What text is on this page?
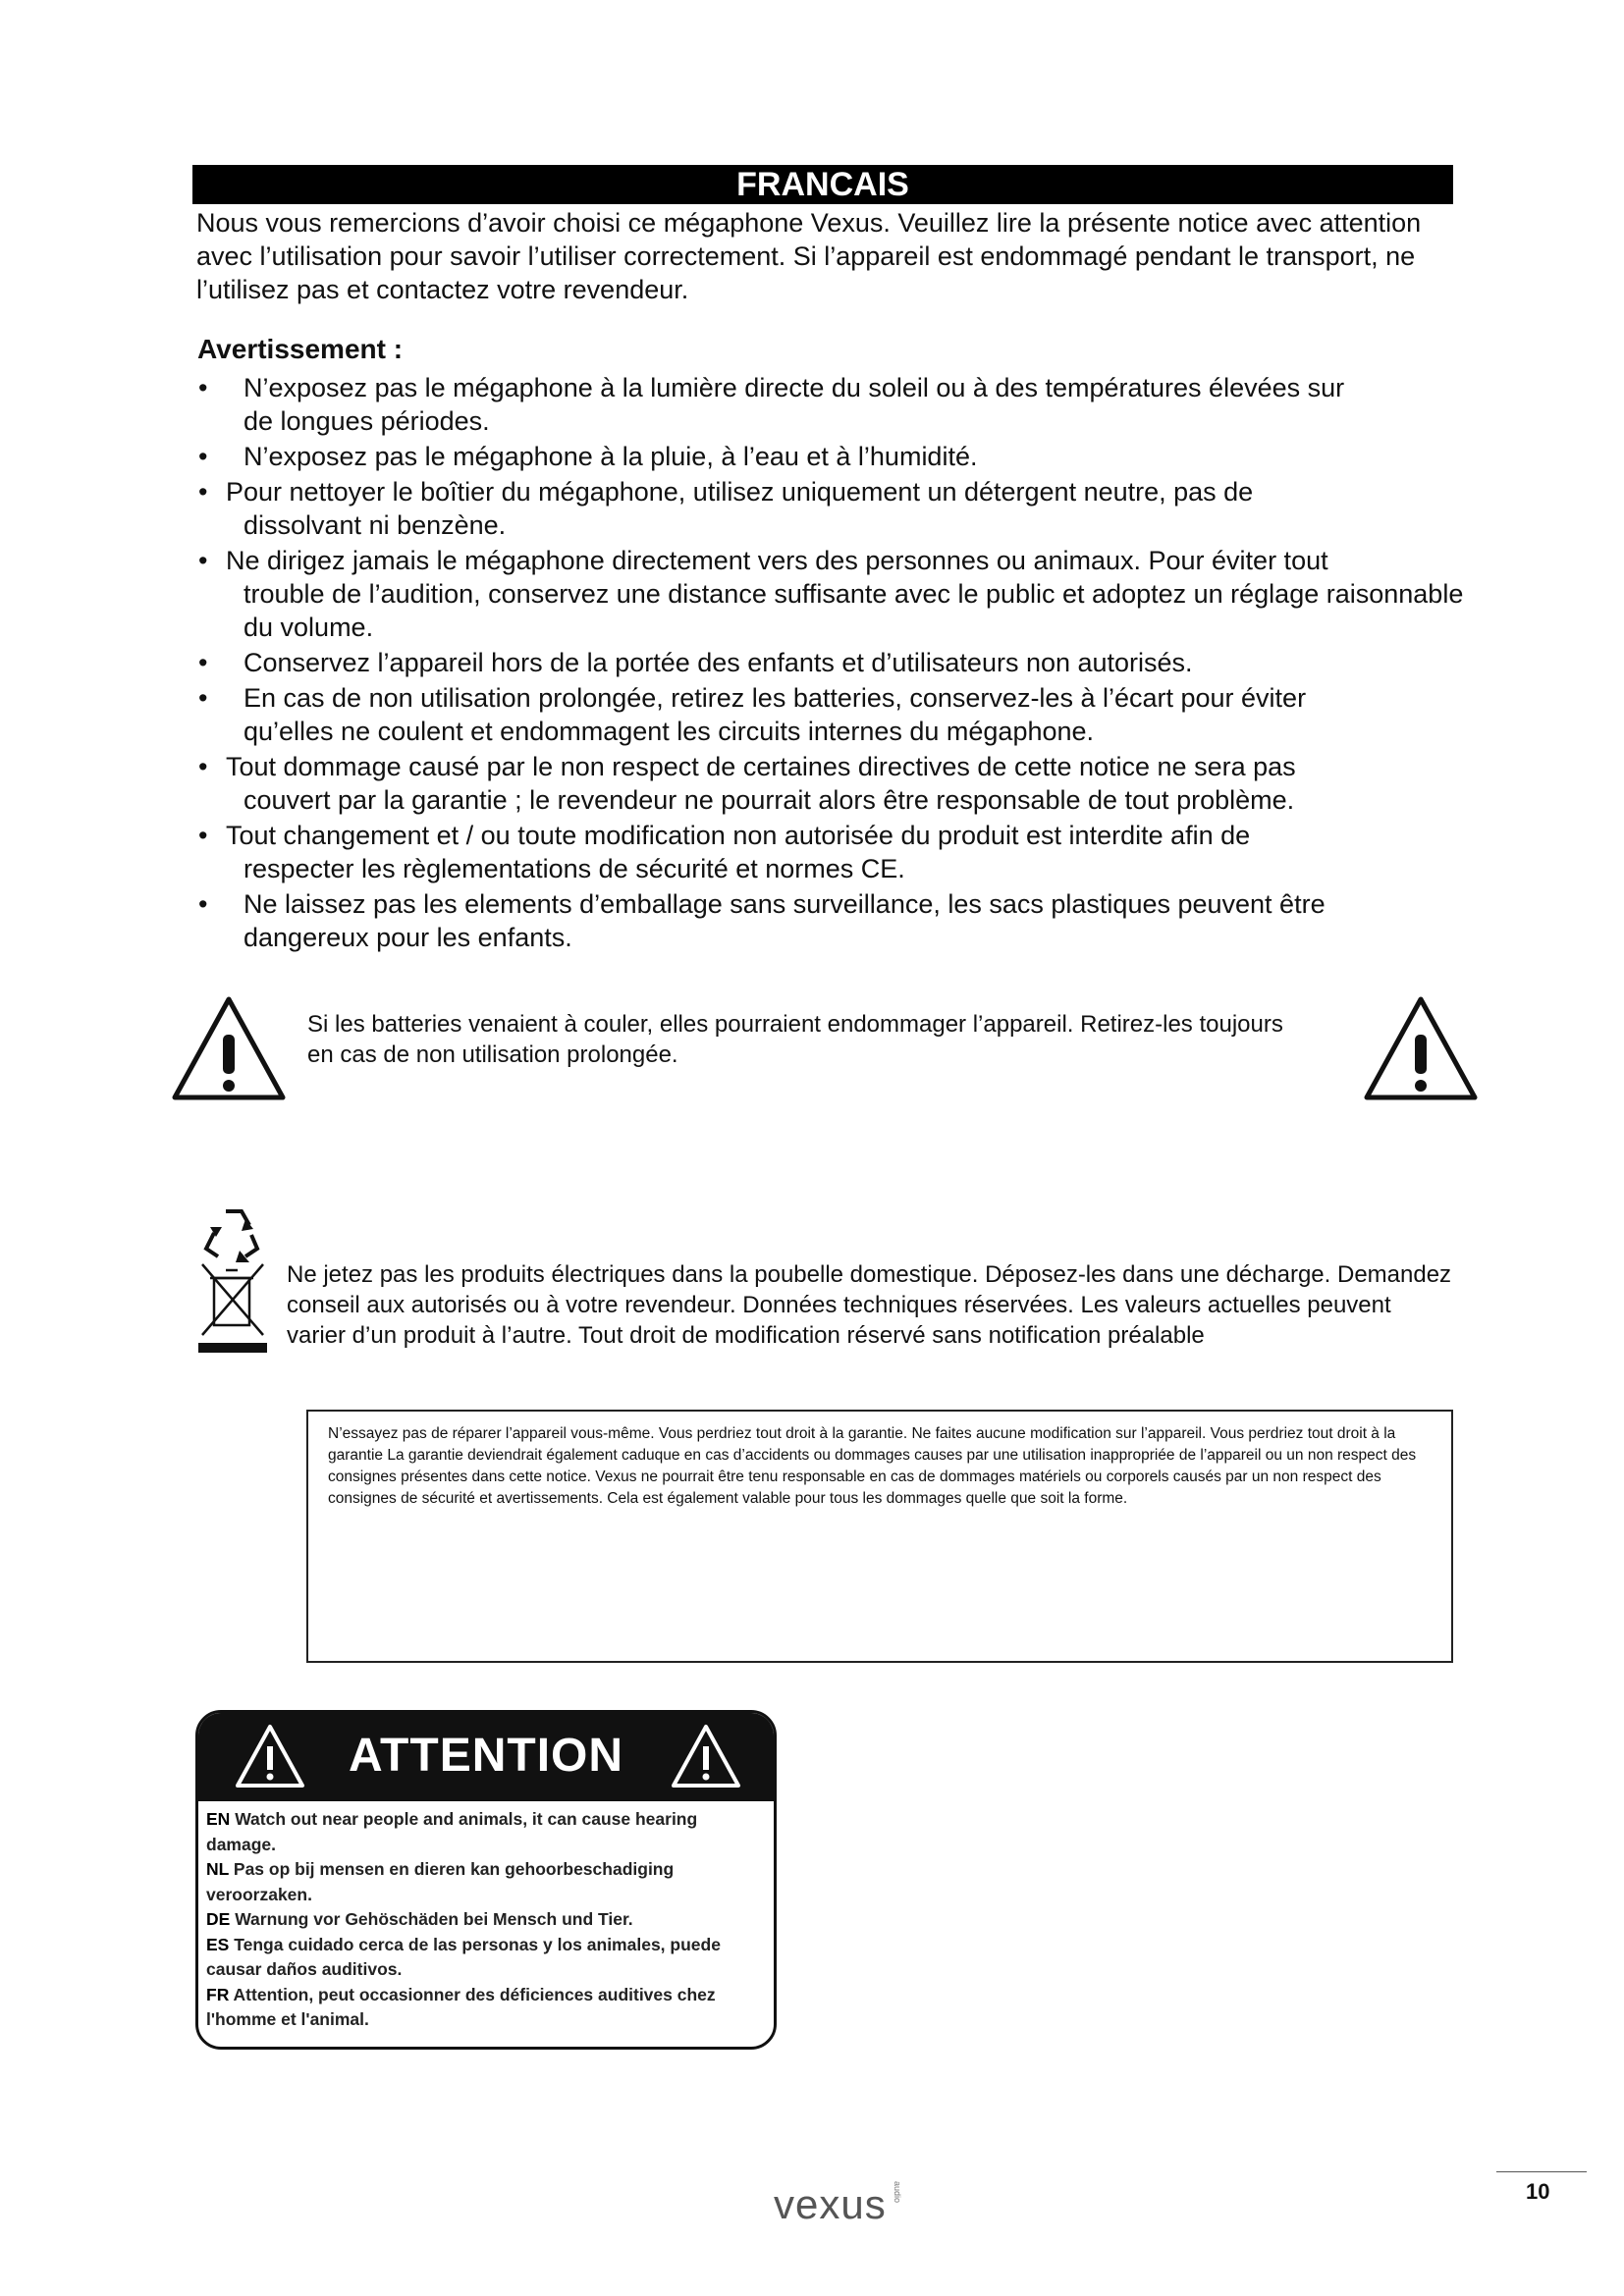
FRANCAIS
Nous vous remercions d’avoir choisi ce mégaphone Vexus. Veuillez lire la présente notice avec attention avec l’utilisation pour savoir l’utiliser correctement. Si l’appareil est endommagé pendant le transport, ne l’utilisez pas et contactez votre revendeur.
Avertissement :
• N’exposez pas le mégaphone à la lumière directe du soleil ou à des températures élevées sur
de longues périodes.
• N’exposez pas le mégaphone à la pluie, à l’eau et à l’humidité.
• Pour nettoyer le boîtier du mégaphone, utilisez uniquement un détergent neutre, pas de
dissolvant ni benzène.
• Ne dirigez jamais le mégaphone directement vers des personnes ou animaux. Pour éviter tout
trouble de l’audition, conservez une distance suffisante avec le public et adoptez un réglage raisonnable du volume.
• Conservez l’appareil hors de la portée des enfants et d’utilisateurs non autorisés.
• En cas de non utilisation prolongée, retirez les batteries, conservez-les à l’écart pour éviter
qu’elles ne coulent et endommagent les circuits internes du mégaphone.
• Tout dommage causé par le non respect de certaines directives de cette notice ne sera pas
couvert par la garantie ; le revendeur ne pourrait alors être responsable de tout problème.
• Tout changement et / ou toute modification non autorisée du produit est interdite afin de
respecter les règlementations de sécurité et normes CE.
• Ne laissez pas les elements d’emballage sans surveillance, les sacs plastiques peuvent être
dangereux pour les enfants.
Si les batteries venaient à couler, elles pourraient endommager l’appareil. Retirez-les toujours en cas de non utilisation prolongée.
Ne jetez pas les produits électriques dans la poubelle domestique. Déposez-les dans une décharge. Demandez conseil aux autorisés ou à votre revendeur. Données techniques réservées. Les valeurs actuelles peuvent varier d’un produit à l’autre. Tout droit de modification réservé sans notification préalable
N’essayez pas de réparer l’appareil vous-même. Vous perdriez tout droit à la garantie. Ne faites aucune modification sur l’appareil. Vous perdriez tout droit à la garantie La garantie deviendrait également caduque en cas d’accidents ou dommages causes par une utilisation inappropriée de l’appareil ou un non respect des consignes présentes dans cette notice. Vexus ne pourrait être tenu responsable en cas de dommages matériels ou corporels causés par un non respect des consignes de sécurité et avertissements. Cela est également valable pour tous les dommages quelle que soit la forme.
ATTENTION
EN Watch out near people and animals, it can cause hearing damage.
NL Pas op bij mensen en dieren kan gehoorbeschadiging veroorzaken.
DE Warnung vor Gehöschäden bei Mensch und Tier.
ES Tenga cuidado cerca de las personas y los animales, puede causar daños auditivos.
FR Attention, peut occasionner des déficiences auditives chez l'homme et l'animal.
vexus audio	10
